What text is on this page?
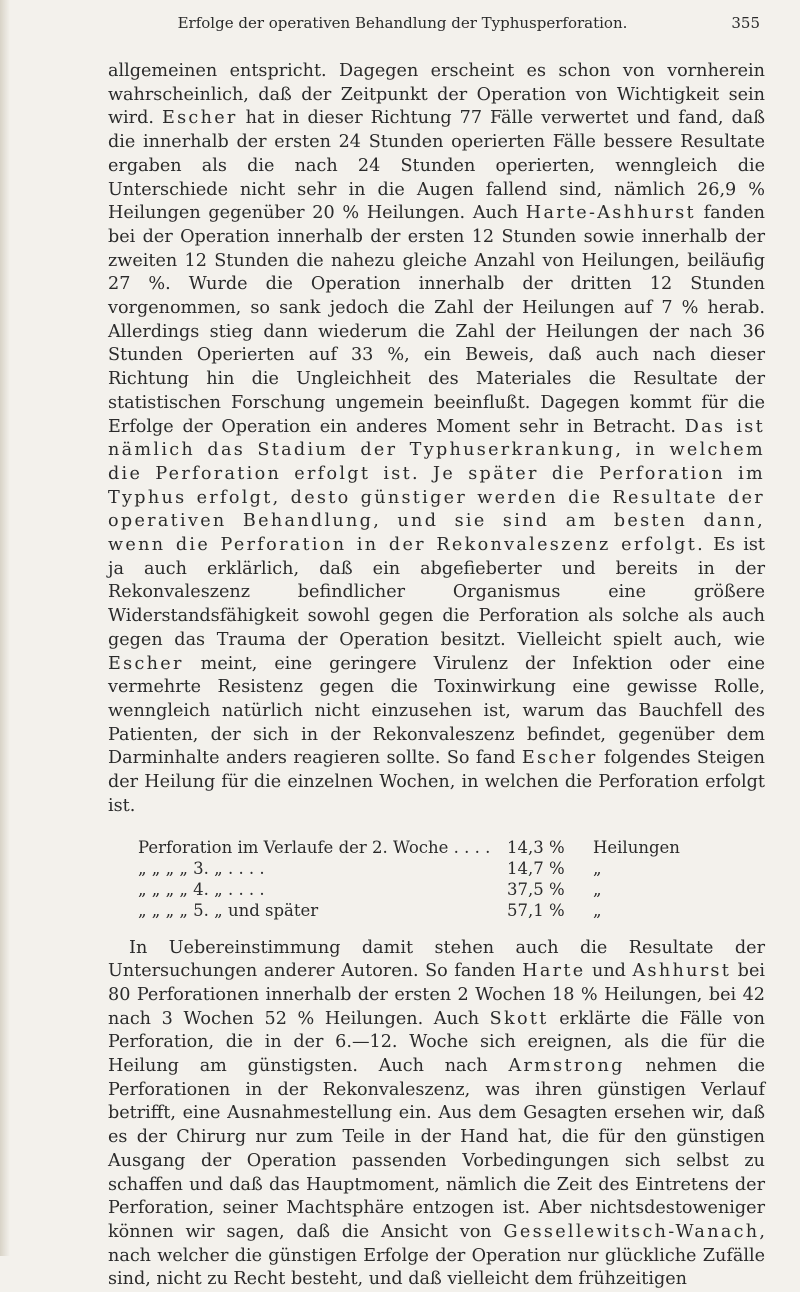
Erfolge der operativen Behandlung der Typhusperforation.	355

allgemeinen entspricht. Dagegen erscheint es schon von vornherein wahrscheinlich, daß der Zeitpunkt der Operation von Wichtigkeit sein wird. Escher hat in dieser Richtung 77 Fälle verwertet und fand, daß die innerhalb der ersten 24 Stunden operierten Fälle bessere Resultate ergaben als die nach 24 Stunden operierten, wenngleich die Unterschiede nicht sehr in die Augen fallend sind, nämlich 26,9 % Heilungen gegenüber 20 % Heilungen. Auch Harte-Ashhurst fanden bei der Operation innerhalb der ersten 12 Stunden sowie innerhalb der zweiten 12 Stunden die nahezu gleiche Anzahl von Heilungen, beiläufig 27 %. Wurde die Operation innerhalb der dritten 12 Stunden vorgenommen, so sank jedoch die Zahl der Heilungen auf 7 % herab. Allerdings stieg dann wiederum die Zahl der Heilungen der nach 36 Stunden Operierten auf 33 %, ein Beweis, daß auch nach dieser Richtung hin die Ungleichheit des Materiales die Resultate der statistischen Forschung ungemein beeinflußt. Dagegen kommt für die Erfolge der Operation ein anderes Moment sehr in Betracht. Das ist nämlich das Stadium der Typhuserkrankung, in welchem die Perforation erfolgt ist. Je später die Perforation im Typhus erfolgt, desto günstiger werden die Resultate der operativen Behandlung, und sie sind am besten dann, wenn die Perforation in der Rekonvaleszenz erfolgt. Es ist ja auch erklärlich, daß ein abgefieberter und bereits in der Rekonvaleszenz befindlicher Organismus eine größere Widerstandsfähigkeit sowohl gegen die Perforation als solche als auch gegen das Trauma der Operation besitzt. Vielleicht spielt auch, wie Escher meint, eine geringere Virulenz der Infektion oder eine vermehrte Resistenz gegen die Toxinwirkung eine gewisse Rolle, wenngleich natürlich nicht einzusehen ist, warum das Bauchfell des Patienten, der sich in der Rekonvaleszenz befindet, gegenüber dem Darminhalte anders reagieren sollte. So fand Escher folgendes Steigen der Heilung für die einzelnen Wochen, in welchen die Perforation erfolgt ist.

Perforation im Verlaufe der 2. Woche . . . .	14,3 %	Heilungen
„ „ „ „ 3. „ . . . .	14,7 %	„
„ „ „ „ 4. „ . . . .	37,5 %	„
„ „ „ „ 5. „ und später	57,1 %	„

In Uebereinstimmung damit stehen auch die Resultate der Untersuchungen anderer Autoren. So fanden Harte und Ashhurst bei 80 Perforationen innerhalb der ersten 2 Wochen 18 % Heilungen, bei 42 nach 3 Wochen 52 % Heilungen. Auch Skott erklärte die Fälle von Perforation, die in der 6.—12. Woche sich ereignen, als die für die Heilung am günstigsten. Auch nach Armstrong nehmen die Perforationen in der Rekonvaleszenz, was ihren günstigen Verlauf betrifft, eine Ausnahmestellung ein. Aus dem Gesagten ersehen wir, daß es der Chirurg nur zum Teile in der Hand hat, die für den günstigen Ausgang der Operation passenden Vorbedingungen sich selbst zu schaffen und daß das Hauptmoment, nämlich die Zeit des Eintretens der Perforation, seiner Machtsphäre entzogen ist. Aber nichtsdestoweniger können wir sagen, daß die Ansicht von Gessellewitsch-Wanach, nach welcher die günstigen Erfolge der Operation nur glückliche Zufälle sind, nicht zu Recht besteht, und daß vielleicht dem frühzeitigen
